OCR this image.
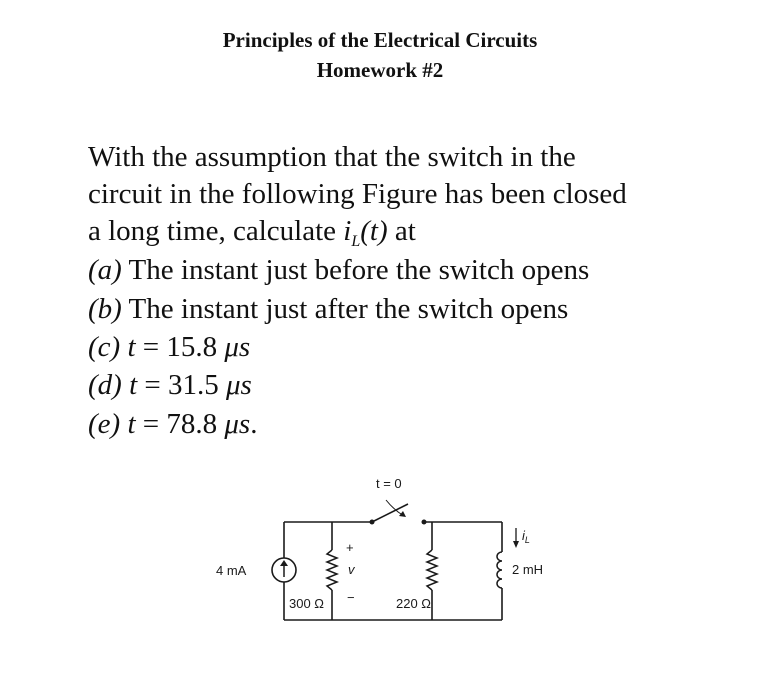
Principles of the Electrical Circuits
Homework #2
With the assumption that the switch in the
circuit in the following Figure has been closed
a long time, calculate $i_L(t)$ at
(a) The instant just before the switch opens
(b) The instant just after the switch opens
(c) t = 15.8 μs
(d) t = 31.5 μs
(e) t = 78.8 μs.
+
v
−
t = 0
4 mA
300 Ω	220 Ω
2 mH
$i_L$
